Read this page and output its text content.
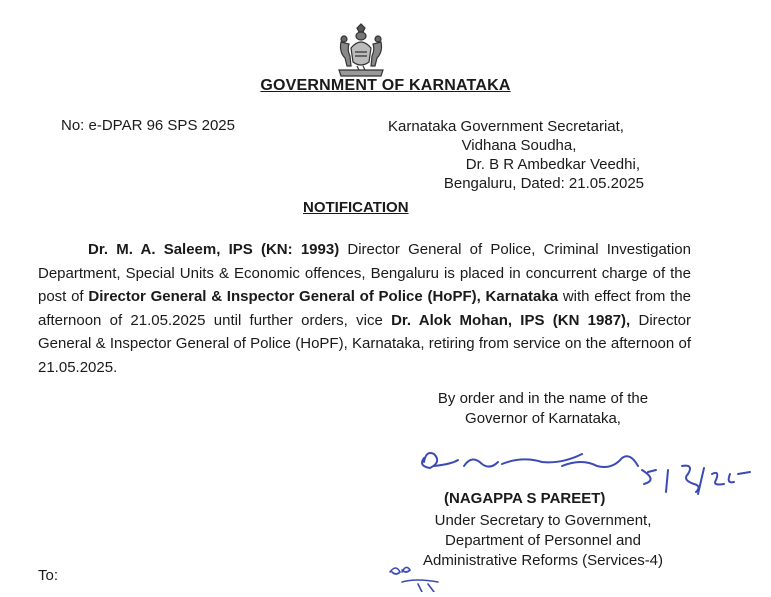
GOVERNMENT OF KARNATAKA
No: e-DPAR 96 SPS 2025	Karnataka Government Secretariat,
Vidhana Soudha,
Dr. B R Ambedkar Veedhi,
Bengaluru, Dated: 21.05.2025
NOTIFICATION
Dr. M. A. Saleem, IPS (KN: 1993) Director General of Police, Criminal Investigation Department, Special Units & Economic offences, Bengaluru is placed in concurrent charge of the post of Director General & Inspector General of Police (HoPF), Karnataka with effect from the afternoon of 21.05.2025 until further orders, vice Dr. Alok Mohan, IPS (KN 1987), Director General & Inspector General of Police (HoPF), Karnataka, retiring from service on the afternoon of 21.05.2025.
By order and in the name of the
Governor of Karnataka,
(NAGAPPA S PAREET)
Under Secretary to Government,
Department of Personnel and
Administrative Reforms (Services-4)
To:
